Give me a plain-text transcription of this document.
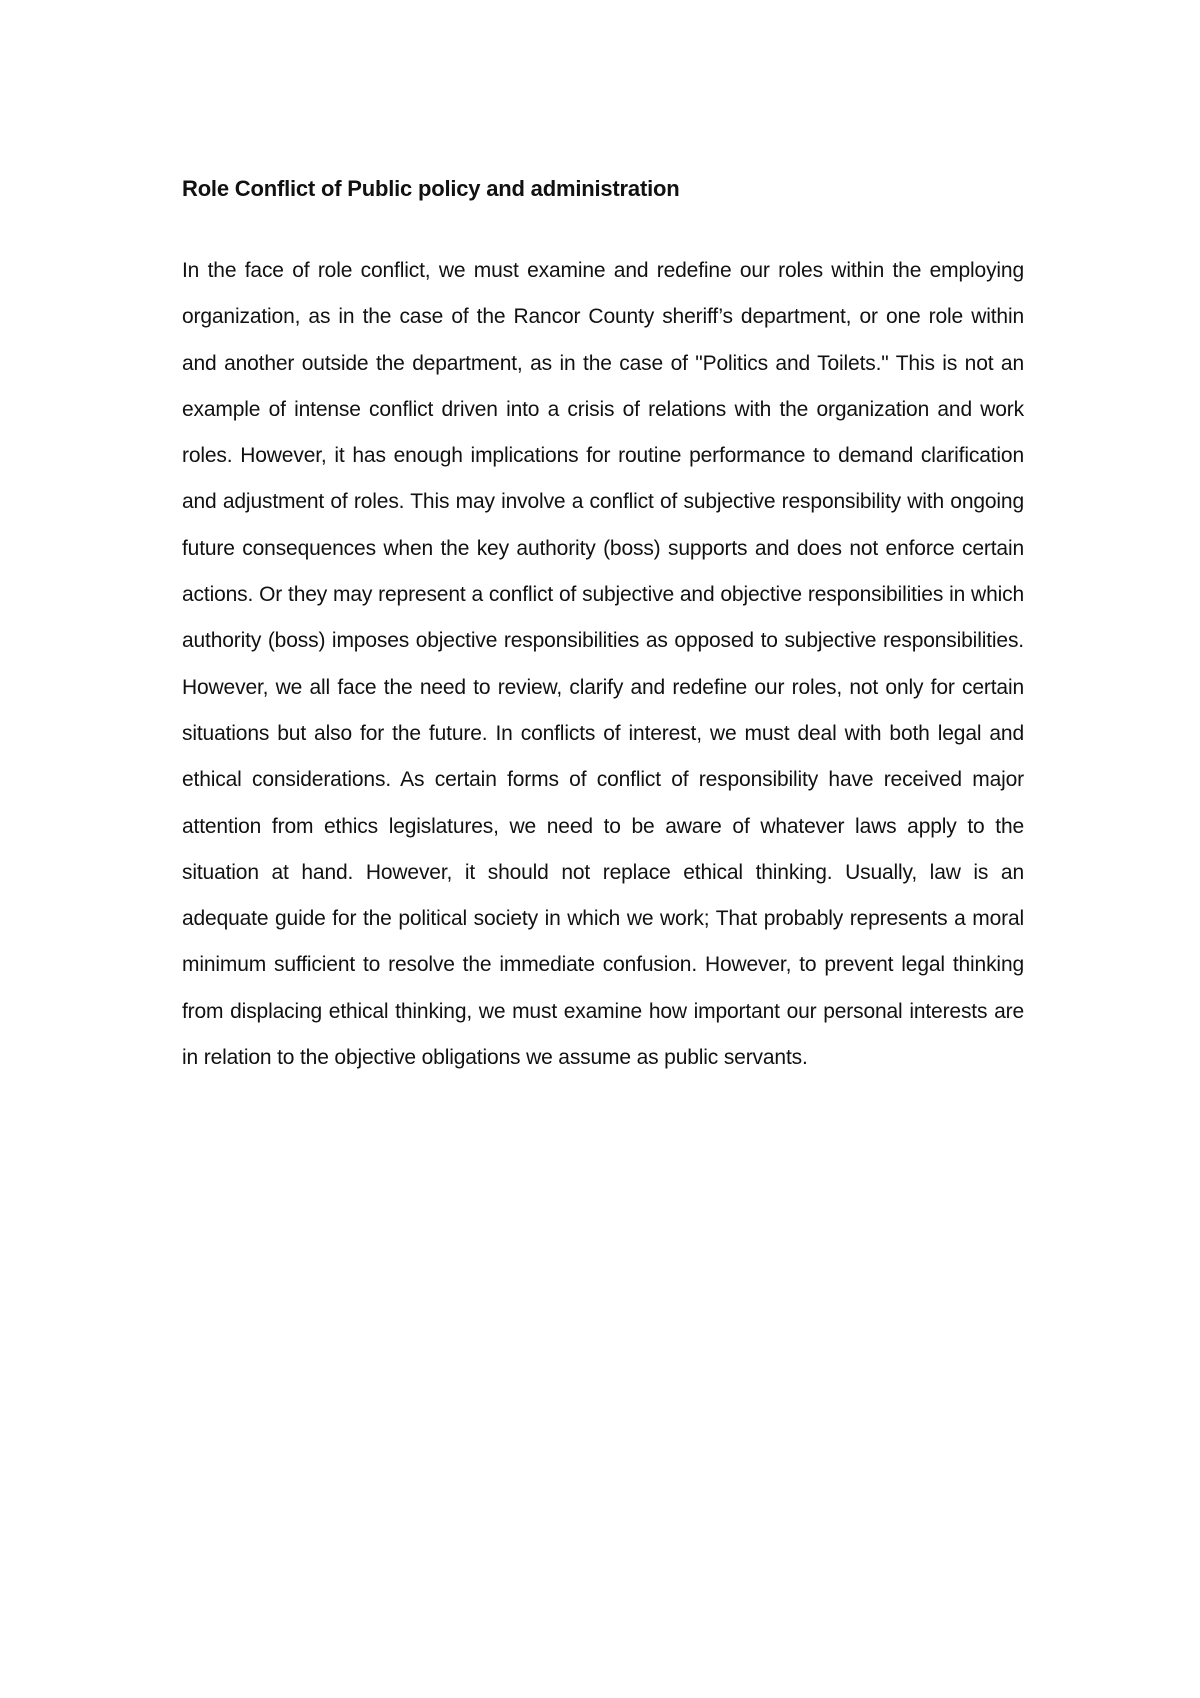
Role Conflict of Public policy and administration

In the face of role conflict, we must examine and redefine our roles within the employing organization, as in the case of the Rancor County sheriff’s department, or one role within and another outside the department, as in the case of "Politics and Toilets." This is not an example of intense conflict driven into a crisis of relations with the organization and work roles. However, it has enough implications for routine performance to demand clarification and adjustment of roles. This may involve a conflict of subjective responsibility with ongoing future consequences when the key authority (boss) supports and does not enforce certain actions. Or they may represent a conflict of subjective and objective responsibilities in which authority (boss) imposes objective responsibilities as opposed to subjective responsibilities. However, we all face the need to review, clarify and redefine our roles, not only for certain situations but also for the future. In conflicts of interest, we must deal with both legal and ethical considerations. As certain forms of conflict of responsibility have received major attention from ethics legislatures, we need to be aware of whatever laws apply to the situation at hand. However, it should not replace ethical thinking. Usually, law is an adequate guide for the political society in which we work; That probably represents a moral minimum sufficient to resolve the immediate confusion. However, to prevent legal thinking from displacing ethical thinking, we must examine how important our personal interests are in relation to the objective obligations we assume as public servants.
